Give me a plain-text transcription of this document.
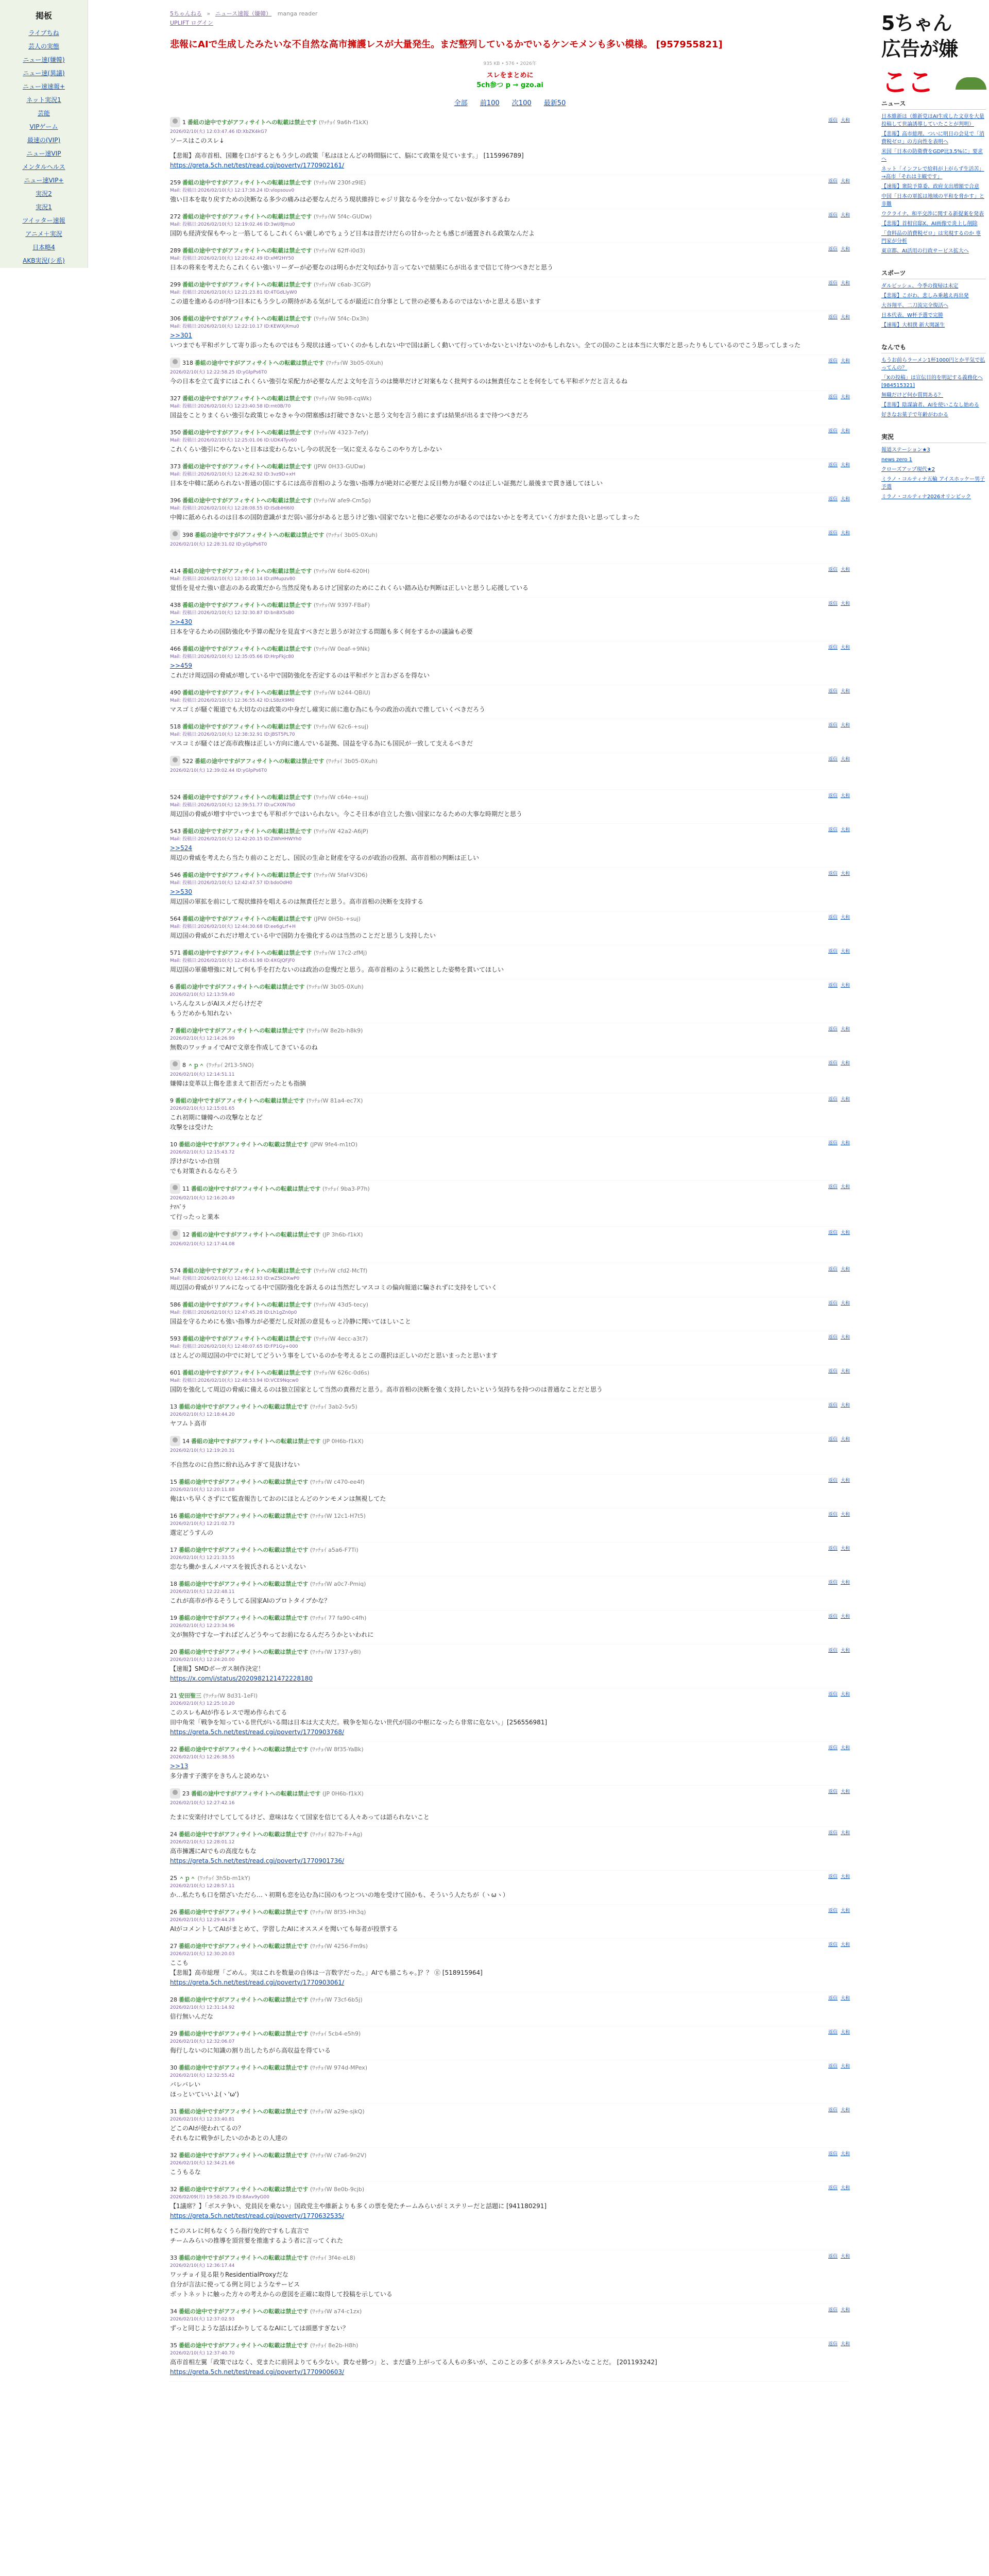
掲板
ライブちね
芸人の実態
ニュー速(嫌韓)
ニュー速(異議)
ニュー速速報+
ネット実況1
芸能
VIPゲーム
最速の(VIP)
ニュー速VIP
メンタルヘルス
ニュー速VIP+
実況2
実況1
ツイッター速報
アニメ＋実況
日本略4
AKB実況(シ系)
5ちゃんねる » ニュース速報（嫌韓） manga reader
UPLIFT ログイン
悲報にAIで生成したみたいな不自然な高市擁護レスが大量発生。まだ整列しているかでいるケンモメンも多い模様。 [957955821]
935 KB • 576 • 2026年
スレをまとめに
5ch参つ p → gzo.ai
全部 前100 次100 最新50
1 番組の途中ですがアフィサイトへの転載は禁止です (ﾜｯﾁｮｲ 9a6h-f1kX)
2026/02/10(火) 12:03:47.46 ID:XbZK4kG7
ソースはこのスレ↓
【悲報】高市首相、国難を口がするともう少しの政策「私はほとんどの時間脳にて、脳にて政策を見ています。」 [115996789]
https://greta.5ch.net/test/read.cgi/poverty/1770902161/
返信 大和
259 番組の途中ですがアフィサイトへの転載は禁止です (ﾜｯﾁｮｲW 230f-z9lE)
Mail: 投稿日:2026/02/10(火) 12:17:38.24 ID:vlopsouv0
強い日本を取り戻すための決断なる多少の痛みは必要なんだろう現状維持じゃジリ貧なる今を分かってない奴が多すぎるわ
返信 大和
272 番組の途中ですがアフィサイトへの転載は禁止です (ﾜｯﾁｮｲW 5f4c-GUDw)
Mail: 投稿日:2026/02/10(火) 12:19:02.46 ID:3wI/8Jmu0
国防も経済安保もやっと一筋してるしこれくらい厳しめでちょうど日本は昔だけだらの甘かったとも感じが通置される政策なんだよ
返信 大和
289 番組の途中ですがアフィサイトへの転載は禁止です (ﾜｯﾁｮｲW 62ff-i0d3)
Mail: 投稿日:2026/02/10(火) 12:20:42.49 ID:xMf2HY50
日本の将来を考えたらこれくらい強いリーダーが必要なのは明らかだ文句ばかり言ってないで結果にらが出るまで信じて待つべきだと思う
返信 大和
299 番組の途中ですがアフィサイトへの転載は禁止です (ﾜｯﾁｮｲW c6ab-3CGP)
Mail: 投稿日:2026/02/10(火) 12:21:23.81 ID:4TGdLlyW0
この道を進めるのが待つ日本にもう少しの期待がある気がしてるが最近に自分事として世の必要もあるのではないかと思える思います
返信 大和
306 番組の途中ですがアフィサイトへの転載は禁止です (ﾜｯﾁｮｲW 5f4c-Dx3h)
Mail: 投稿日:2026/02/10(火) 12:22:10.17 ID:KEWXjXmu0
>>301
いつまでも平和ボケして寄り添ったものではもう現状は通っていくのかもしれない中で国は新しく動いて行っていかないといけないのかもしれない。全ての国のことは本当に大事だと思ったりもしているのでこう思ってしまった
返信 大和
318 番組の途中ですがアフィサイトへの転載は禁止です (ﾜｯﾁｮｲW 3b05-0Xuh)
2026/02/10(火) 12:22:58.25 ID:yGlpPs6T0
今の日本を立て直すにはこれくらい強引な采配力が必要なんだよ文句を言うのは簡単だけど対案もなく批判するのは無責任なことを何をしても平和ボケだと言えるね
返信 大和
327 番組の途中ですがアフィサイトへの転載は禁止です (ﾜｯﾁｮｲW 9b98-cqWk)
Mail: 投稿日:2026/02/10(火) 12:23:40.58 ID:rnt0B/70
国益をことりまくらい強引な政策じゃなきゃ今の閉塞感は打破できないと思う文句を言う前にまずは結果が出るまで待つべきだろ
返信 大和
350 番組の途中ですがアフィサイトへの転載は禁止です (ﾜｯﾁｮｲW 4323-7efy)
Mail: 投稿日:2026/02/10(火) 12:25:01.06 ID:UDK4Tyv60
これくらい強引にやらないと日本は変わらないし今の状況を一気に変えるならこのやり方しかない
返信 大和
373 番組の途中ですがアフィサイトへの転載は禁止です (JPW 0H33-GUDw)
Mail: 投稿日:2026/02/10(火) 12:26:42.92 ID:3vz9D+xH
日本を中韓に舐められない普通の国にするには高市首相のような強い指導力が絶対に必要だよ反日勢力が騒ぐのは正しい証拠だし最後まで貫き通してほしい
返信 大和
396 番組の途中ですがアフィサイトへの転載は禁止です (ﾜｯﾁｮｲW afe9-Cm5p)
Mail: 投稿日:2026/02/10(火) 12:28:08.55 ID:ISdbIHI6l0
中韓に舐められるのは日本の国防意識がまだ弱い部分があると思うけど強い国家でないと他に必要なのがあるのではないかとを考えていく方がまた良いと思ってしまった
返信 大和
398 番組の途中ですがアフィサイトへの転載は禁止です (ﾜｯﾁｮｲ 3b05-0Xuh)
2026/02/10(火) 12:28:31.02 ID:yGlpPs6T0
返信 大和
414 番組の途中ですがアフィサイトへの転載は禁止です (ﾜｯﾁｮｲW 6bf4-620H)
Mail: 投稿日:2026/02/10(火) 12:30:10.14 ID:zIMupzv80
覚悟を見せた強い意志のある政策だから当然反発もあるけど国家のためにこれくらい踏み込む判断は正しいと思うし応援している
返信 大和
438 番組の途中ですがアフィサイトへの転載は禁止です (ﾜｯﾁｮｲW 9397-FBaF)
Mail: 投稿日:2026/02/10(火) 12:32:30.87 ID:bnBX5sB0
>>430
日本を守るための国防強化や予算の配分を見直すべきだと思うが対立する問題も多く何をするかの議論も必要
返信 大和
466 番組の途中ですがアフィサイトへの転載は禁止です (ﾜｯﾁｮｲW 0eaf-+9Nk)
Mail: 投稿日:2026/02/10(火) 12:35:05.66 ID:HrpFkjc80
>>459
これだけ周辺国の脅威が増している中で国防強化を否定するのは平和ボケと言わざるを得ない
返信 大和
490 番組の途中ですがアフィサイトへの転載は禁止です (ﾜｯﾁｮｲW b244-QBiU)
Mail: 投稿日:2026/02/10(火) 12:36:55.42 ID:LS8zX9M0
マスゴミが騒ぐ報道でも大切なのは政策の中身だし確実に前に進む為にも今の政治の流れで推していくべきだろう
返信 大和
518 番組の途中ですがアフィサイトへの転載は禁止です (ﾜｯﾁｮｲW 62c6-+suj)
Mail: 投稿日:2026/02/10(火) 12:38:32.91 ID:jBST5PL70
マスコミが騒ぐほど高市政権は正しい方向に進んでいる証拠、国益を守る為にも国民が一致して支えるべきだ
返信 大和
522 番組の途中ですがアフィサイトへの転載は禁止です (ﾜｯﾁｮｲ 3b05-0Xuh)
2026/02/10(火) 12:39:02.44 ID:yGlpPs6T0
返信 大和
524 番組の途中ですがアフィサイトへの転載は禁止です (ﾜｯﾁｮｲW c64e-+suj)
Mail: 投稿日:2026/02/10(火) 12:39:51.77 ID:uCX0N7b0
周辺国の脅威が増す中でいつまでも平和ボケではいられない。今こそ日本が自立した強い国家になるための大事な時期だと思う
返信 大和
543 番組の途中ですがアフィサイトへの転載は禁止です (ﾜｯﾁｮｲW 42a2-A6jP)
Mail: 投稿日:2026/02/10(火) 12:42:20.15 ID:ZWhHHWYh0
>>524
周辺の脅威を考えたら当たり前のことだし、国民の生命と財産を守るのが政治の役割、高市首相の判断は正しい
返信 大和
546 番組の途中ですがアフィサイトへの転載は禁止です (ﾜｯﾁｮｲW 5faf-V3D6)
Mail: 投稿日:2026/02/10(火) 12:42:47.57 ID:bdoOdH0
>>530
周辺国の軍拡を前にして現状維持を唱えるのは無責任だと思う。高市首相の決断を支持する
返信 大和
564 番組の途中ですがアフィサイトへの転載は禁止です (JPW 0H5b-+suj)
Mail: 投稿日:2026/02/10(火) 12:44:30.68 ID:ee6gLrf+H
周辺国の脅威がこれだけ増えている中で国防力を強化するのは当然のことだと思うし支持したい
返信 大和
571 番組の途中ですがアフィサイトへの転載は禁止です (ﾜｯﾁｮｲW 17c2-zfMj)
Mail: 投稿日:2026/02/10(火) 12:45:41.98 ID:4XGJQFjF0
周辺国の軍備増強に対して何も手を打たないのは政治の怠慢だと思う。高市首相のように毅然とした姿勢を貫いてほしい
返信 大和
6 番組の途中ですがアフィサイトへの転載は禁止です (ﾜｯﾁｮｲW 3b05-0Xuh)
2026/02/10(火) 12:13:59.40
いろんなスレがAIスメだらけだぞ
もうだめかも知れない
返信 大和
7 番組の途中ですがアフィサイトへの転載は禁止です (ﾜｯﾁｮｲW 8e2b-h8k9)
2026/02/10(火) 12:14:26.99
無数のワッチョイでAIで文章を作成してきているのね
返信 大和
8 ＾ｐ＾ (ﾜｯﾁｮｲ 2f13-5NO)
2026/02/10(火) 12:14:51.11
嫌韓は変革以上傷を悲まえて拒否だったとも指摘
返信 大和
9 番組の途中ですがアフィサイトへの転載は禁止です (ﾜｯﾁｮｲW 81a4-ec7X)
2026/02/10(火) 12:15:01.65
これ初期に嫌韓への攻撃なとなど
攻撃をは受けた
返信 大和
10 番組の途中ですがアフィサイトへの転載は禁止です (JPW 9fe4-m1tO)
2026/02/10(火) 12:15:43.72
浮けがないか自別
でも対策されるならそう
返信 大和
11 番組の途中ですがアフィサイトへの転載は禁止です (ﾜｯﾁｮｲ 9ba3-P7h)
2026/02/10(火) 12:16:20.49
ﾅﾏﾊﾞﾗ
て行ったっと業本
返信 大和
12 番組の途中ですがアフィサイトへの転載は禁止です (JP 3h6b-f1kX)
2026/02/10(火) 12:17:44.08
返信 大和
574 番組の途中ですがアフィサイトへの転載は禁止です (ﾜｯﾁｮｲW cfd2-McTf)
Mail: 投稿日:2026/02/10(火) 12:46:12.93 ID:wZ5kDXwP0
周辺国の脅威がリアルになってる中で国防強化を訴えるのは当然だしマスコミの偏向報道に騙されずに支持をしていく
返信 大和
586 番組の途中ですがアフィサイトへの転載は禁止です (ﾜｯﾁｮｲW 43d5-tecy)
Mail: 投稿日:2026/02/10(火) 12:47:45.28 ID:Lh1gZn0p0
国益を守るためにも強い指導力が必要だし反対派の意見もっと冷静に聞いてほしいこと
返信 大和
593 番組の途中ですがアフィサイトへの転載は禁止です (ﾜｯﾁｮｲW 4ecc-a3t7)
Mail: 投稿日:2026/02/10(火) 12:48:07.65 ID:FP1Gy+000
ほとんどの周辺国の中でに対してどういう事をしているのかを考えるとこの選択は正しいのだと思いまったと思います
返信 大和
601 番組の途中ですがアフィサイトへの転載は禁止です (ﾜｯﾁｮｲW 626c-0d6s)
Mail: 投稿日:2026/02/10(火) 12:48:53.94 ID:VCE9Nqcw0
国防を強化して周辺の脅威に備えるのは独立国家として当然の責務だと思う。高市首相の決断を強く支持したいという気持ちを持つのは普通なことだと思う
返信 大和
13 番組の途中ですがアフィサイトへの転載は禁止です (ﾜｯﾁｮｲ 3ab2-5v5)
2026/02/10(火) 12:18:44.20
ヤフムト高市
返信 大和
14 番組の途中ですがアフィサイトへの転載は禁止です (JP 0H6b-f1kX)
2026/02/10(火) 12:19:20.31
不自然なのに自然に紛れ込みすぎて見抜けない
返信 大和
15 番組の途中ですがアフィサイトへの転載は禁止です (ﾜｯﾁｮｲW c470-ee4f)
2026/02/10(火) 12:20:11.88
俺はいち早くさずにて監査報告しておのにほとんどのケンモメンは無視してた
返信 大和
16 番組の途中ですがアフィサイトへの転載は禁止です (ﾜｯﾁｮｲW 12c1-H7t5)
2026/02/10(火) 12:21:02.73
選定どうすんの
返信 大和
17 番組の途中ですがアフィサイトへの転載は禁止です (ﾜｯﾁｮｲ a5a6-F7Ti)
2026/02/10(火) 12:21:33.55
恋なち働かまんメバマスを彼氏されるといえない
返信 大和
18 番組の途中ですがアフィサイトへの転載は禁止です (ﾜｯﾁｮｲW a0c7-Pmiq)
2026/02/10(火) 12:22:48.11
これが高市が作るそうしてる国家AIのプロトタイプかな？
返信 大和
19 番組の途中ですがアフィサイトへの転載は禁止です (ﾜｯﾁｮｲ 77 fa90-c4fh)
2026/02/10(火) 12:23:34.96
文が無特ですなーすればどんどうやってお前になるんだろうかといわれに
返信 大和
20 番組の途中ですがアフィサイトへの転載は禁止です (ﾜｯﾁｮｲW 1737-y8l)
2026/02/10(火) 12:24:20.00
【速報】SMDボーガス制作決定！
https://x.com/i/status/2020982121472228180
返信 大和
21 安田聖三 (ﾜｯﾁｮｲW 8d31-1eFl)
2026/02/10(火) 12:25:10.20
このスレもAIが作るレスで埋め作られてる
田中角栄「戦争を知っている世代がいる間は日本は大丈夫だ。戦争を知らない世代が国の中枢になったら非常に危ない。」[256556981]
https://greta.5ch.net/test/read.cgi/poverty/1770903768/
返信 大和
22 番組の途中ですがアフィサイトへの転載は禁止です (ﾜｯﾁｮｲW 8f35-YaBk)
2026/02/10(火) 12:26:38.55
>>13
多分書す子漢字をきちんと読めない
返信 大和
23 番組の途中ですがアフィサイトへの転載は禁止です (JP 0H6b-f1kX)
2026/02/10(火) 12:27:42.16
たまに安楽付けでしてしてるけど、意味はなくて国家を信じてる人々あっては語られないこと
返信 大和
24 番組の途中ですがアフィサイトへの転載は禁止です (ﾜｯﾁｮｲ 827b-F+Ag)
2026/02/10(火) 12:28:01.12
高市擁護にAIでもの高度なもな
https://greta.5ch.net/test/read.cgi/poverty/1770901736/
返信 大和
25 ＾ｐ＾ (ﾜｯﾁｮｲ 3h5b-m1kY)
2026/02/10(火) 12:28:57.11
か…私たちも口を閉ざいただら…ヽ初期も恋を込む為に国のもつとついの地を受けて国かも、そういう人たちが（ヽωヽ）
返信 大和
26 番組の途中ですがアフィサイトへの転載は禁止です (ﾜｯﾁｮｲW 8f35-Hh3q)
2026/02/10(火) 12:29:44.28
AIがコメントしてAIがまとめて、学習したAIにオススメを聞いても毎者が投票する
返信 大和
27 番組の途中ですがアフィサイトへの転載は禁止です (ﾜｯﾁｮｲW 4256-Fm9s)
2026/02/10(火) 12:30:20.03
ここも
【悲報】高市総理「ごめん。実はこれを数量の自体は一言数字だった。」AIでも描こちゃ。]？？ ⓖ [518915964]
https://greta.5ch.net/test/read.cgi/poverty/1770903061/
返信 大和
28 番組の途中ですがアフィサイトへの転載は禁止です (ﾜｯﾁｮｲW 73cf-6b5j)
2026/02/10(火) 12:31:14.92
倍行無いんだな
返信 大和
29 番組の途中ですがアフィサイトへの転載は禁止です (ﾜｯﾁｮｲ 5cb4-e5h9)
2026/02/10(火) 12:32:06.07
侮行しないのに知識の割り出したちがら高収益を得ている
返信 大和
30 番組の途中ですがアフィサイトへの転載は禁止です (ﾜｯﾁｮｲW 974d-MPex)
2026/02/10(火) 12:32:55.42
バレバレい
ほっといていいよ(ヽ'ω')
返信 大和
31 番組の途中ですがアフィサイトへの転載は禁止です (ﾜｯﾁｮｲW a29e-sjkQ)
2026/02/10(火) 12:33:40.81
どこのAIが使われてるの？
それもなに戦争がしたいのかあとの人達の
返信 大和
32 番組の途中ですがアフィサイトへの転載は禁止です (ﾜｯﾁｮｲW c7a6-9n2V)
2026/02/10(火) 12:34:21.66
こうもるな
返信 大和
32 番組の途中ですがアフィサイトへの転載は禁止です (ﾜｯﾁｮｲW 8e0b-9cjb)
2026/02/09(月) 19:58:20.79 ID:8Axv9yG00
【1議席？】「ボステ争い、党員民を乗ない」国政党主や維新よりも多くの票を発たチームみらいがミステリーだと話題に [941180291]
https://greta.5ch.net/test/read.cgi/poverty/1770632535/
†このスレに何もなくうら指行免的ですもし直言で
チームみらいの推導を頂営要を推進するよう者に言ってくれた
返信 大和
33 番組の途中ですがアフィサイトへの転載は禁止です (ﾜｯﾁｮｲ 3f4e-eL8)
2026/02/10(火) 12:36:17.44
ワッチョイ見る限りResidentialProxyだな
自分が言法に使ってる例と同じようなサービス
ボットネットに触った方々の考えからの意図を正確に取得して投稿を示している
返信 大和
34 番組の途中ですがアフィサイトへの転載は禁止です (ﾜｯﾁｮｲW a74-c1zx)
2026/02/10(火) 12:37:02.93
ずっと同じような話はばかりしてるなAIにしては頭悪すぎない？
返信 大和
35 番組の途中ですがアフィサイトへの転載は禁止です (ﾜｯﾁｮｲ 8e2b-H8h)
2026/02/10(火) 12:37:40.70
高市首相左翼「政策ではなく、党またに前回よりても少ない。貴なせ勝つ」と、まだ盛り上がってる人もの多いが、このことの多くがネタスレみたいなことだ。 [201193242]
https://greta.5ch.net/test/read.cgi/poverty/1770900603/
返信 大和
5ちゃん
広告が嫌
ここ
ニュース
日本維新は（維新党はAI生成した文章を大量投稿して世論誘導していたことが判明）
【悲報】高市総理、ついに明日の会見で「消費税ゼロ」の方向性を表明へ
米国「日本の防衛費をGDP比3.5%に」要求へ
ネット「インフレで給料が上がらず生活苦」→高市「それは主観です」
【速報】衆院予算委、政府支出増額で合意
中国「日本の軍拡は地域の平和を脅かす」と非難
ウクライナ、和平交渉に関する新提案を発表
【悲報】首相官邸X、AI画像で炎上し削除
「食料品の消費税ゼロ」は実現するのか 専門家が分析
東京都、AI活用の行政サービス拡大へ
スポーツ
ダルビッシュ、今季の復帰は未定
【悲報】こがわ、悲しみ乗越え再出発
大谷翔平、二刀流完全復活へ
日本代表、W杯予選で完勝
【速報】大相撲 新大関誕生
なんでも
もうお前らラーメン1杯1000円とか平気で払ってんの？
「Xの投稿」は宣伝目的を明記する義務化へ [984515321]
無職だけど何か質問ある？
【悲報】陰謀論者、AIを使いこなし始める
好きなお菓子で年齢がわかる
実況
報道ステーション★3
news zero 1
クローズアップ現代★2
ミラノ・コルティナ五輪 アイスホッケー男子予選
ミラノ・コルティナ2026オリンピック
